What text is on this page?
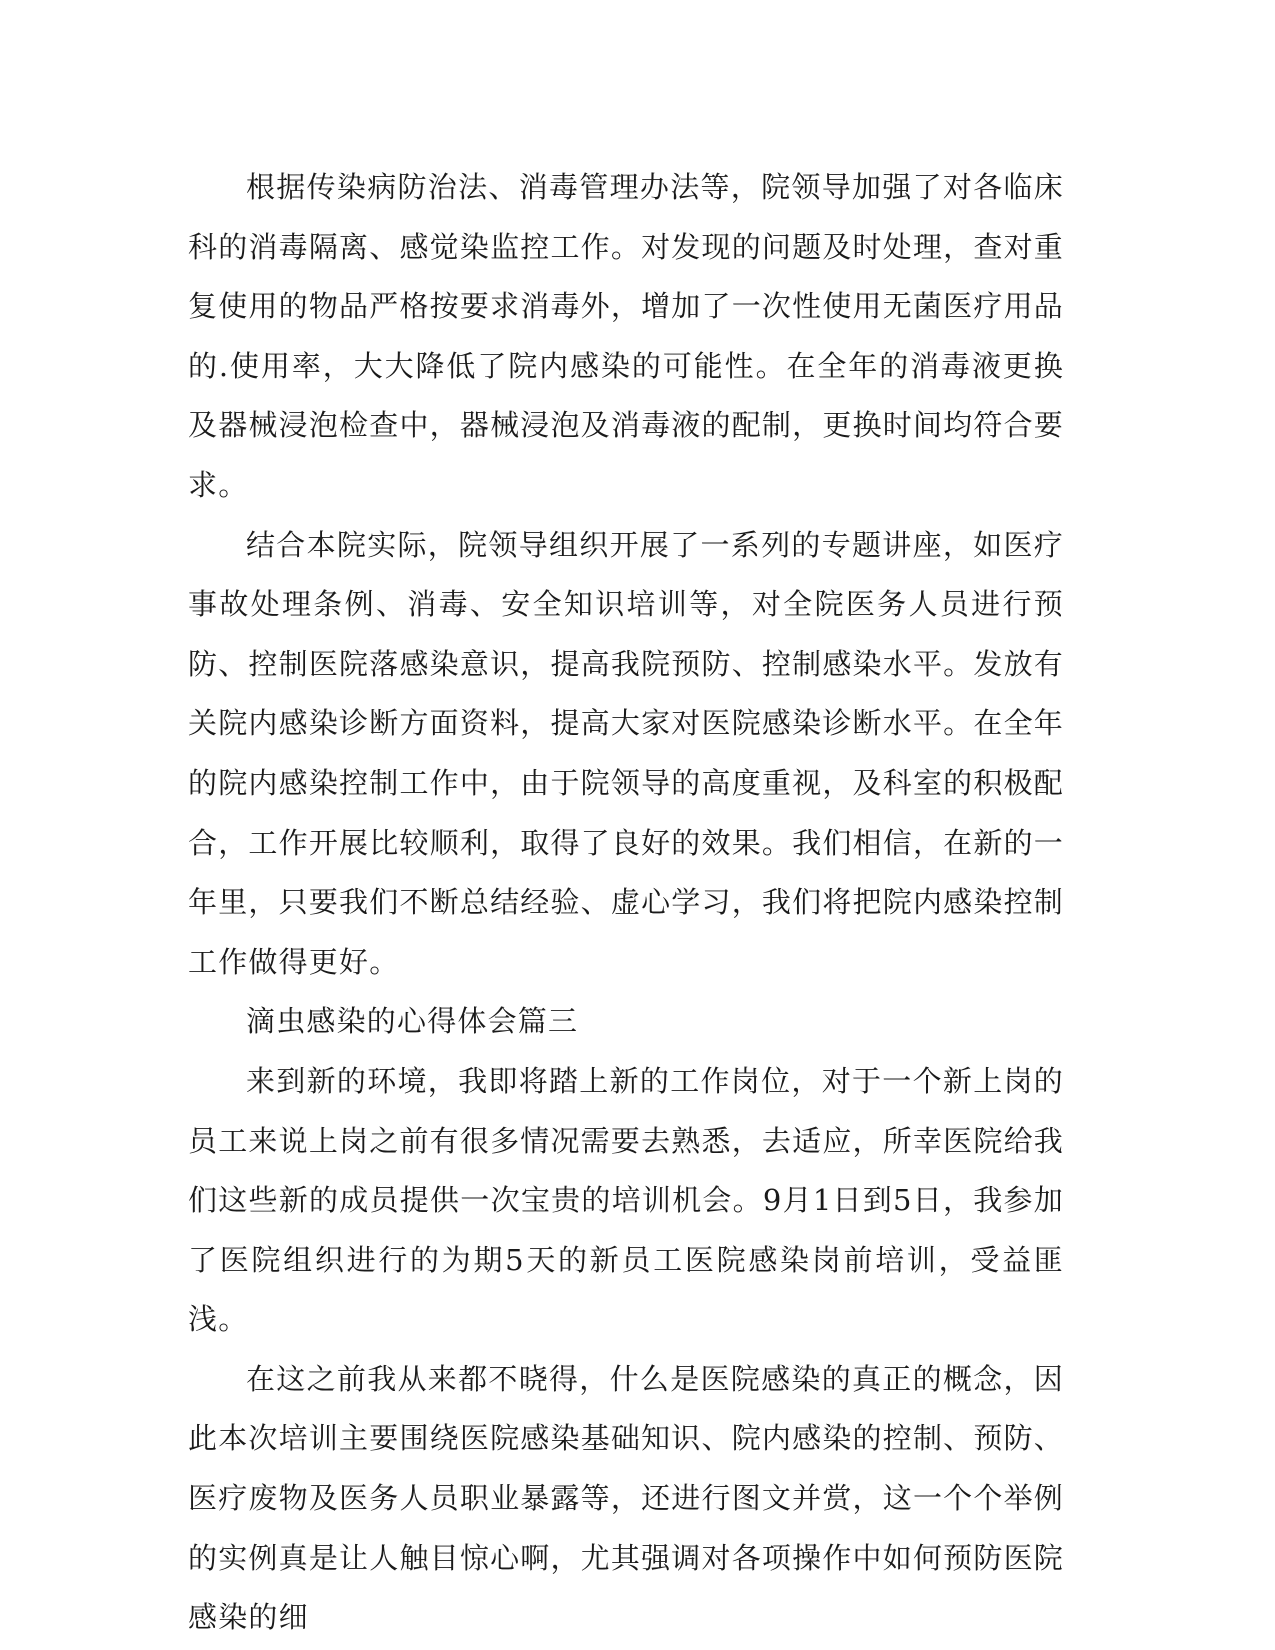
根据传染病防治法、消毒管理办法等，院领导加强了对各临床科的消毒隔离、感觉染监控工作。对发现的问题及时处理，查对重复使用的物品严格按要求消毒外，增加了一次性使用无菌医疗用品的.使用率，大大降低了院内感染的可能性。在全年的消毒液更换及器械浸泡检查中，器械浸泡及消毒液的配制，更换时间均符合要求。

结合本院实际，院领导组织开展了一系列的专题讲座，如医疗事故处理条例、消毒、安全知识培训等，对全院医务人员进行预防、控制医院落感染意识，提高我院预防、控制感染水平。发放有关院内感染诊断方面资料，提高大家对医院感染诊断水平。在全年的院内感染控制工作中，由于院领导的高度重视，及科室的积极配合，工作开展比较顺利，取得了良好的效果。我们相信，在新的一年里，只要我们不断总结经验、虚心学习，我们将把院内感染控制工作做得更好。

滴虫感染的心得体会篇三

来到新的环境，我即将踏上新的工作岗位，对于一个新上岗的员工来说上岗之前有很多情况需要去熟悉，去适应，所幸医院给我们这些新的成员提供一次宝贵的培训机会。9月1日到5日，我参加了医院组织进行的为期5天的新员工医院感染岗前培训，受益匪浅。

在这之前我从来都不晓得，什么是医院感染的真正的概念，因此本次培训主要围绕医院感染基础知识、院内感染的控制、预防、医疗废物及医务人员职业暴露等，还进行图文并赏，这一个个举例的实例真是让人触目惊心啊，尤其强调对各项操作中如何预防医院感染的细
